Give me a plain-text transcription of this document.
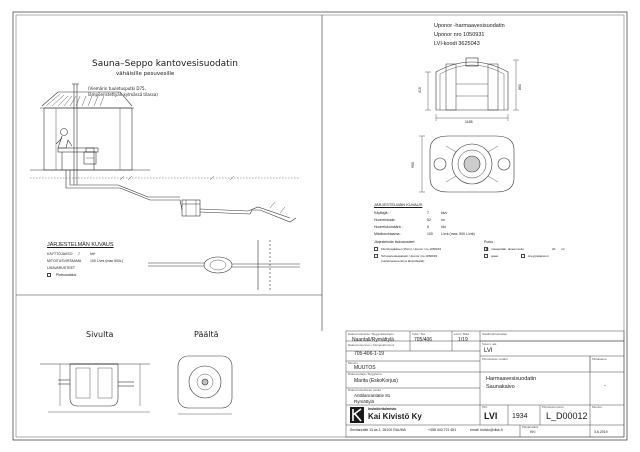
Sauna–Seppo kantovesisuodatin
vähäisille pesuvesille
(Viemärin tuuletusputki D75,
lämpöeristettyän kylmässä tilassa)
JÄRJESTELMÄN KUVAUS
KÄYTTÖJAKSO 7	hlt+
MITOITUSVIRTAAMA	100 L/vrk (max 500L)
LISAVARUSTEET
Pintsuodatus
Uponor -harmaavesisuodatin
Uponor nro 1050931
LVI-koodi 3625043
1185
415
860
950
JÄRJESTELMÄN KUVAUS
Käyttäjiä :	7	kk/v
Huoneistoala :	52	m²
Huonelukumäärä :	5	hkt
Mitoitusvirtaama :	100 L/vrk (max. 500 L/vrk)
Järjestelmän lisävarusteet
Kiinnitysjakkeet (15cm), Uponor nro 1050934
Tehovarusteapaketti, Uponor nro 1050933
(tuuletinelementti ja lämpölaatat)
Purku :
✕ maaperään, alueen koko	20 m²
ojaan	imeytyskaivoon
Sivulta	Päältä	Rakennuskohde / Byggnadsobjekt	Kylä / Tila	Lehti / Blad
Naantali/Rymättylä	705/406	1/19
Rakennustunnus / Kiinteistötunnus
705-406-1-19
Muutos
MUUTOS
Rakennuttaja / Byggherre
Marita (EskoKorjus)
Rakennuskohteen osoite
Anttilanrantatie 81
Rymättylä
Sisältö/piirustuslaji
Suunn. ala
LVI
Piirustuksen sisältö
Harmaavesisuodatin
Saunakaivo
Mittakaava
-
Insinööritoimisto
Kai Kivistö Ky
Piirt.
LVI 1934
Piirustusnumero
L_D00012
Muutos
Sevilanraitti 13 as 1, 26100 RAUMA	+358 440 721 651	email: kivisto@dlsk.fi
Päivämäärä
KKi	3.6.2019
